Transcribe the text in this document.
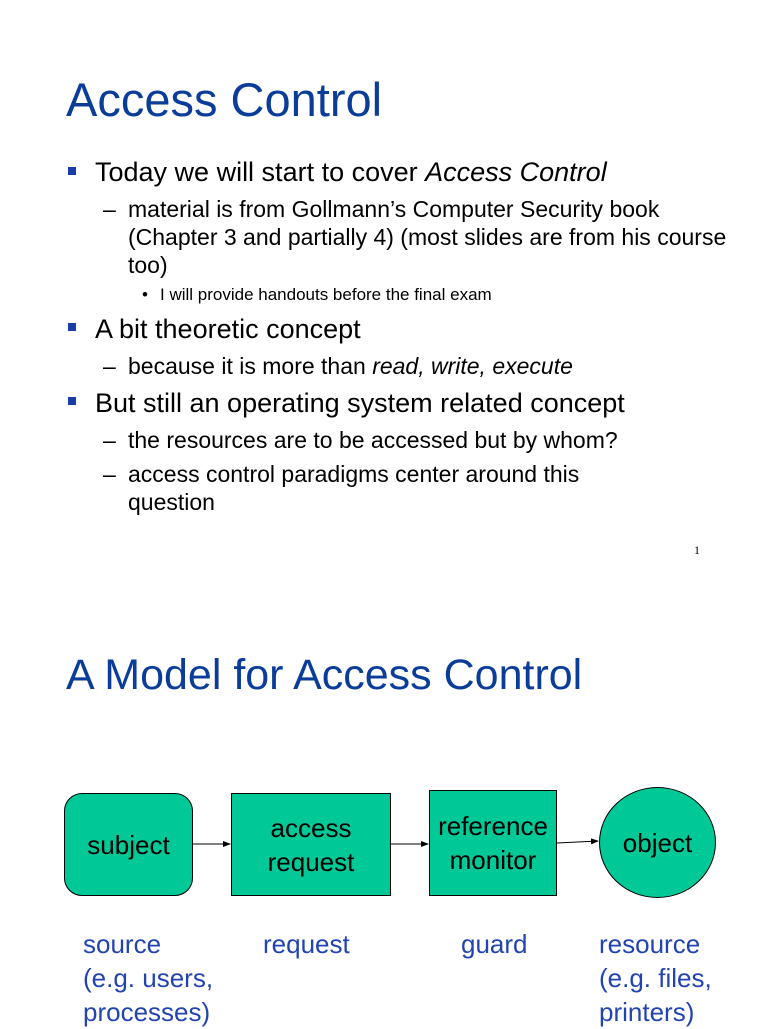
Access Control

Today we will start to cover Access Control

– material is from Gollmann’s Computer Security book (Chapter 3 and partially 4) (most slides are from his course too)

• I will provide handouts before the final exam

A bit theoretic concept

– because it is more than read, write, execute

But still an operating system related concept

– the resources are to be accessed but by whom?

– access control paradigms center around this question

1
A Model for Access Control
subject
access
request
reference
monitor
object
source
(e.g. users,
processes)
request	guard	resource
(e.g. files,
printers)
